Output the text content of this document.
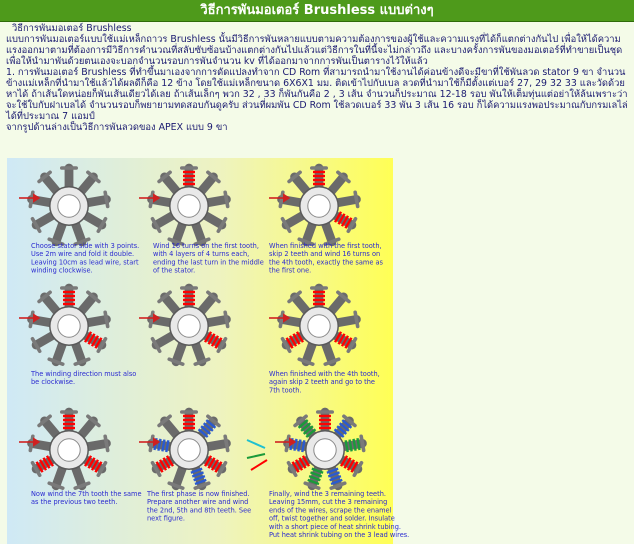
วิธีการพันมอเตอร์ Brushless แบบต่างๆ

วิธีการพันมอเตอร์ Brushless

แบบการพันมอเตอร์แบบใช้แม่เหล็กถาวร Brushless นั้นมีวิธีการพันหลายแบบตามความต้องการของผู้ใช้และความแรงที่ได้ก็แตกต่างกันไป เพื่อให้ได้ความแรงออกมาตามที่ต้องการมีวิธีการคำนวณที่สลับซับซ้อนบ้างแตกต่างกันไปแล้วแต่วิธีการในที่นี้จะไม่กล่าวถึง และบางครั้งการพันของมอเตอร์ที่ทำขายเป็นชุดเพื่อให้นำมาพันด้วยตนเองจะบอกจำนวนรอบการพันจำนวน kv ที่ได้ออกมาจากการพันเป็นตารางไว้ให้แล้ว

1. การพันมอเตอร์ Brushless ที่ทำขึ้นมาเองจากการดัดแปลงทำจาก CD Rom ที่สามารถนำมาใช้งานได้ค่อนข้างดีจะมีขาที่ใช้พันลวด stator 9 ขา จำนวนข้างแม่เหล็กที่นำมาใช้แล้วได้ผลดีก็คือ 12 ข้าง โดยใช้แม่เหล็กขนาด 6X6X1 มม. ติดเข้าไปกับเบล ลวดที่นำมาใช้ก็มีตั้งแต่เบอร์ 27, 29 32 33 และวัดด้วยหาได้ ถ้าเส้นใดหน่อยก็พันเส้นเดียวได้เลย ถ้าเส้นเล็กๆ พวก 32 , 33 ก็พันกันคือ 2 , 3 เส้น จำนวนก็ประมาณ 12-18 รอบ พันให้เต็มทุ่นแต่อย่าให้ล้นเพราะว่าจะใช้ใบกับฝาเบลได้ จำนวนรอบก็พยายามทดสอบกันดูครับ ส่วนที่ผมพัน CD Rom ใช้ลวดเบอร์ 33 พัน 3 เส้น 16 รอบ ก็ได้ความแรงพอประมาณกับกรมเลไล่ได้ที่ประมาณ 7 แอมป์

จากรูปด้านล่างเป็นวิธีการพันลวดของ APEX แบบ 9 ขา

Choose stator side with 3 points. Use 2m wire and fold it double. Leaving 10cm as lead wire, start winding clockwise.
Wind 16 turns on the first tooth, with 4 layers of 4 turns each, ending the last turn in the middle of the stator.
When finished with the first tooth, skip 2 teeth and wind 16 turns on the 4th tooth, exactly the same as the first one.
The winding direction must also be clockwise.
When finished with the 4th tooth, again skip 2 teeth and go to the 7th tooth.
Now wind the 7th tooth the same as the previous two teeth.
The first phase is now finished. Prepare another wire and wind the 2nd, 5th and 8th teeth. See next figure.
Finally, wind the 3 remaining teeth. Leaving 15mm, cut the 3 remaining ends of the wires, scrape the enamel off, twist together and solder. Insulate with a short piece of heat shrink tubing. Put heat shrink tubing on the 3 lead wires.
